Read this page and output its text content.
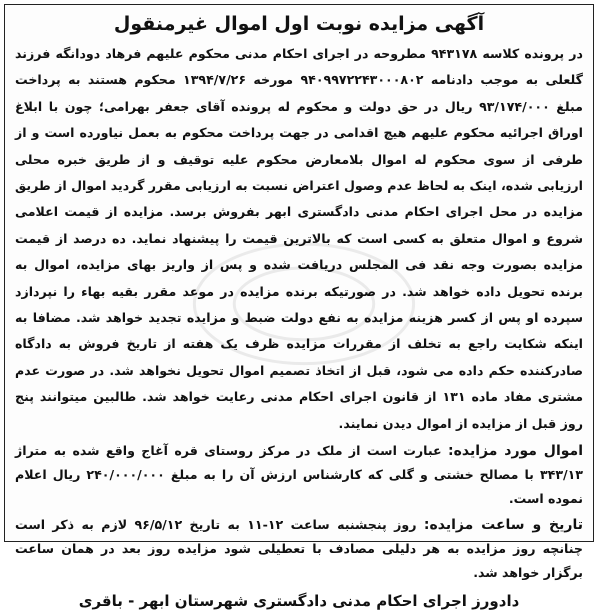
آگهی مزایده نوبت اول اموال غیرمنقول

در پرونده کلاسه ۹۴۳۱۷۸ مطروحه در اجرای احکام مدنی محکوم علیهم فرهاد دودانگه فرزند گلعلی به موجب دادنامه ۹۴۰۹۹۷۲۲۴۳۰۰۰۸۰۲ مورخه ۱۳۹۴/۷/۲۶ محکوم هستند به پرداخت مبلغ ۹۳/۱۷۴/۰۰۰ ریال در حق دولت و محکوم له پرونده آقای جعفر بهرامی؛ چون با ابلاغ اوراق اجرائیه محکوم علیهم هیچ اقدامی در جهت پرداخت محکوم به بعمل نیاورده است و از طرفی از سوی محکوم له اموال بلامعارض محکوم علیه توقیف و از طریق خبره محلی ارزیابی شده، اینک به لحاظ عدم وصول اعتراض نسبت به ارزیابی مقرر گردید اموال از طریق مزایده در محل اجرای احکام مدنی دادگستری ابهر بفروش برسد. مزایده از قیمت اعلامی شروع و اموال متعلق به کسی است که بالاترین قیمت را پیشنهاد نماید. ده درصد از قیمت مزایده بصورت وجه نقد فی المجلس دریافت شده و پس از واریز بهای مزایده، اموال به برنده تحویل داده خواهد شد. در صورتیکه برنده مزایده در موعد مقرر بقیه بهاء را نپردازد سپرده او پس از کسر هزینه مزایده به نفع دولت ضبط و مزایده تجدید خواهد شد. مضافا به اینکه شکایت راجع به تخلف از مقررات مزایده ظرف یک هفته از تاریخ فروش به دادگاه صادرکننده حکم داده می شود، قبل از اتخاذ تصمیم اموال تحویل نخواهد شد. در صورت عدم مشتری مفاد ماده ۱۳۱ از قانون اجرای احکام مدنی رعایت خواهد شد. طالبین میتوانند پنج روز قبل از مزایده از اموال دیدن نمایند.

اموال مورد مزایده: عبارت است از ملک در مرکز روستای قره آغاج واقع شده به متراژ ۳۴۳/۱۳ با مصالح خشتی و گلی که کارشناس ارزش آن را به مبلغ ۲۴۰/۰۰۰/۰۰۰ ریال اعلام نموده است.

تاریخ و ساعت مزایده: روز پنجشنبه ساعت ۱۲-۱۱ به تاریخ ۹۶/۵/۱۲ لازم به ذکر است چنانچه روز مزایده به هر دلیلی مصادف با تعطیلی شود مزایده روز بعد در همان ساعت برگزار خواهد شد.

دادورز اجرای احکام مدنی دادگستری شهرستان ابهر - باقری
